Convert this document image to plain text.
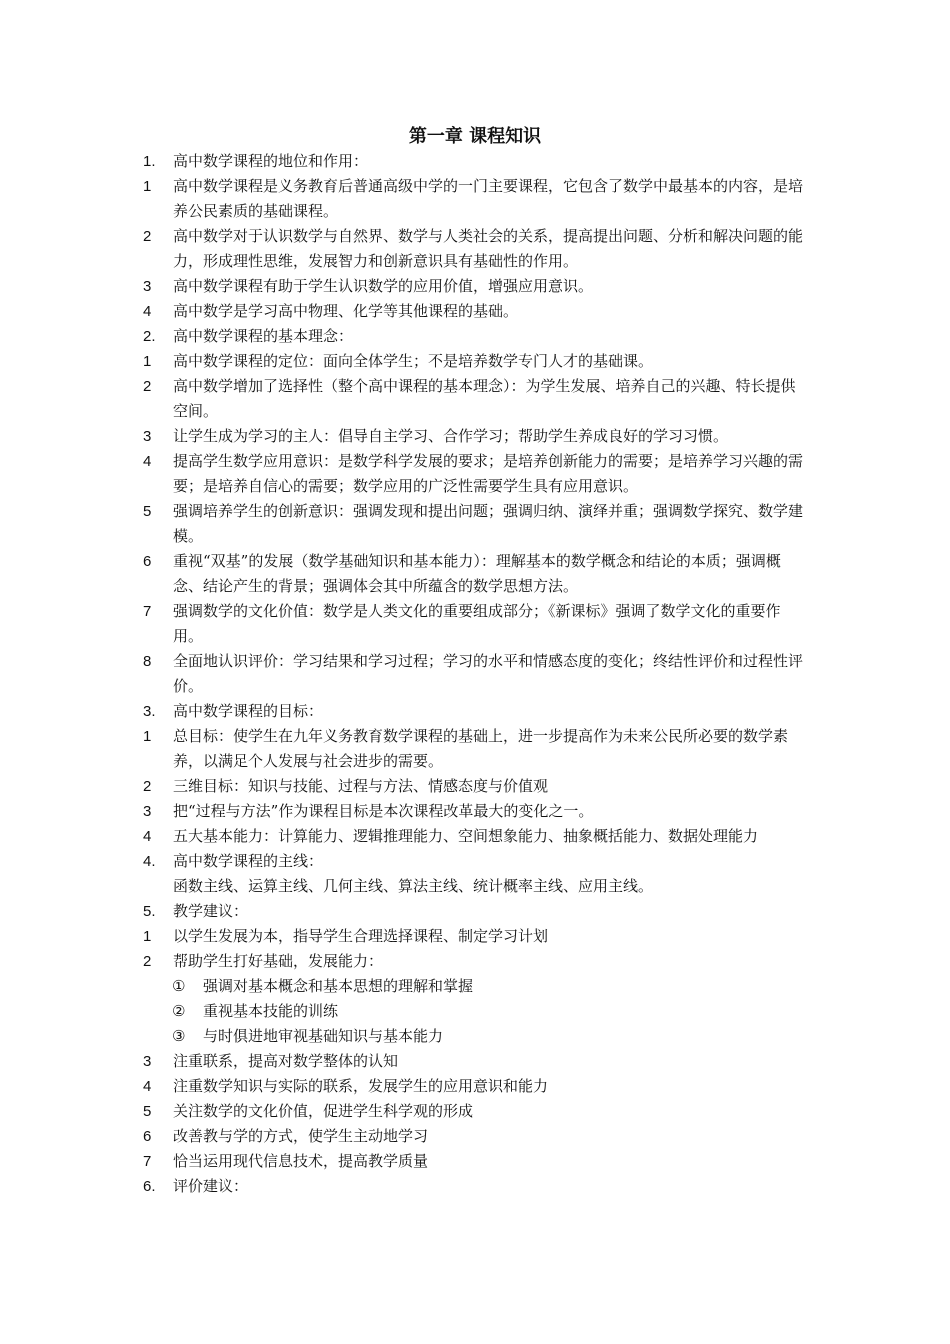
第一章 课程知识
1.	高中数学课程的地位和作用：
1	高中数学课程是义务教育后普通高级中学的一门主要课程，它包含了数学中最基本的内容，是培养公民素质的基础课程。
2	高中数学对于认识数学与自然界、数学与人类社会的关系，提高提出问题、分析和解决问题的能力，形成理性思维，发展智力和创新意识具有基础性的作用。
3	高中数学课程有助于学生认识数学的应用价值，增强应用意识。
4	高中数学是学习高中物理、化学等其他课程的基础。
2.	高中数学课程的基本理念：
1	高中数学课程的定位：面向全体学生；不是培养数学专门人才的基础课。
2	高中数学增加了选择性（整个高中课程的基本理念）：为学生发展、培养自己的兴趣、特长提供空间。
3	让学生成为学习的主人：倡导自主学习、合作学习；帮助学生养成良好的学习习惯。
4	提高学生数学应用意识：是数学科学发展的要求；是培养创新能力的需要；是培养学习兴趣的需要；是培养自信心的需要；数学应用的广泛性需要学生具有应用意识。
5	强调培养学生的创新意识：强调发现和提出问题；强调归纳、演绎并重；强调数学探究、数学建模。
6	重视“双基”的发展（数学基础知识和基本能力）：理解基本的数学概念和结论的本质；强调概念、结论产生的背景；强调体会其中所蕴含的数学思想方法。
7	强调数学的文化价值：数学是人类文化的重要组成部分；《新课标》强调了数学文化的重要作用。
8	全面地认识评价：学习结果和学习过程；学习的水平和情感态度的变化；终结性评价和过程性评价。
3.	高中数学课程的目标：
1	总目标：使学生在九年义务教育数学课程的基础上，进一步提高作为未来公民所必要的数学素养，以满足个人发展与社会进步的需要。
2	三维目标：知识与技能、过程与方法、情感态度与价值观
3	把“过程与方法”作为课程目标是本次课程改革最大的变化之一。
4	五大基本能力：计算能力、逻辑推理能力、空间想象能力、抽象概括能力、数据处理能力
4.	高中数学课程的主线：
函数主线、运算主线、几何主线、算法主线、统计概率主线、应用主线。
5.	教学建议：
1	以学生发展为本，指导学生合理选择课程、制定学习计划
2	帮助学生打好基础，发展能力：
①	强调对基本概念和基本思想的理解和掌握
②	重视基本技能的训练
③	与时俱进地审视基础知识与基本能力
3	注重联系，提高对数学整体的认知
4	注重数学知识与实际的联系，发展学生的应用意识和能力
5	关注数学的文化价值，促进学生科学观的形成
6	改善教与学的方式，使学生主动地学习
7	恰当运用现代信息技术，提高教学质量
6.	评价建议：
